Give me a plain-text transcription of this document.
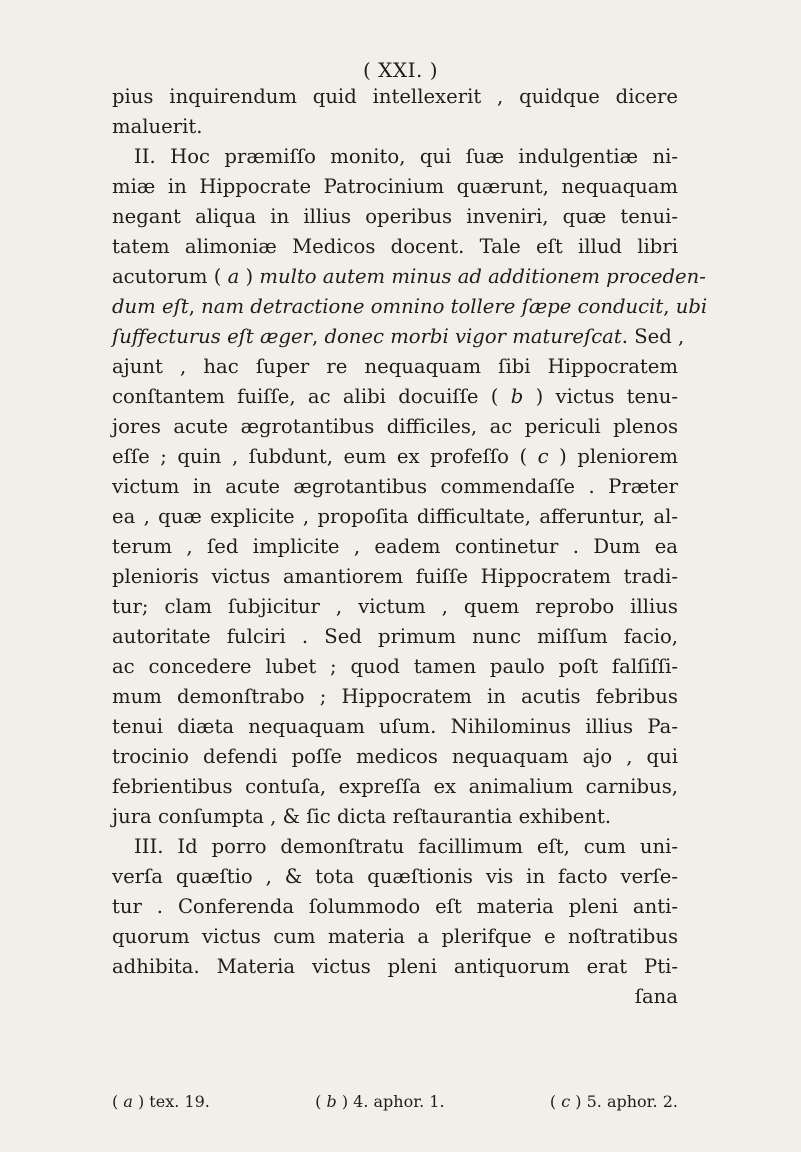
( XXI. )
pius inquirendum quid intellexerit , quidque dicere
maluerit.
II. Hoc præmiſſo monito, qui ſuæ indulgentiæ ni-
miæ in Hippocrate Patrocinium quærunt, nequaquam
negant aliqua in illius operibus inveniri, quæ tenui-
tatem alimoniæ Medicos docent. Tale eſt illud libri
acutorum ( a ) multo autem minus ad additionem proceden-
dum eſt, nam detractione omnino tollere ſæpe conducit, ubi
ſuffecturus eſt æger, donec morbi vigor matureſcat. Sed ,
ajunt , hac ſuper re nequaquam ſibi Hippocratem
conſtantem fuiſſe, ac alibi docuiſſe ( b ) victus tenu-
jores acute ægrotantibus difficiles, ac periculi plenos
eſſe ; quin , ſubdunt, eum ex profeſſo ( c ) pleniorem
victum in acute ægrotantibus commendaſſe . Præter
ea , quæ explicite , propoſita difficultate, afferuntur, al-
terum , ſed implicite , eadem continetur . Dum ea
plenioris victus amantiorem fuiſſe Hippocratem tradi-
tur; clam ſubjicitur , victum , quem reprobo illius
autoritate fulciri . Sed primum nunc miſſum facio,
ac concedere lubet ; quod tamen paulo poſt falſiſſi-
mum demonſtrabo ; Hippocratem in acutis febribus
tenui diæta nequaquam uſum. Nihilominus illius Pa-
trocinio defendi poſſe medicos nequaquam ajo , qui
febrientibus contuſa, expreſſa ex animalium carnibus,
jura conſumpta , & ſic dicta reſtaurantia exhibent.
III. Id porro demonſtratu facillimum eſt, cum uni-
verſa quæſtio , & tota quæſtionis vis in facto verſe-
tur . Conferenda ſolummodo eſt materia pleni anti-
quorum victus cum materia a plerifque e noſtratibus
adhibita. Materia victus pleni antiquorum erat Pti-
ſana
( a ) tex. 19.	( b ) 4. aphor. 1.	( c ) 5. aphor. 2.
